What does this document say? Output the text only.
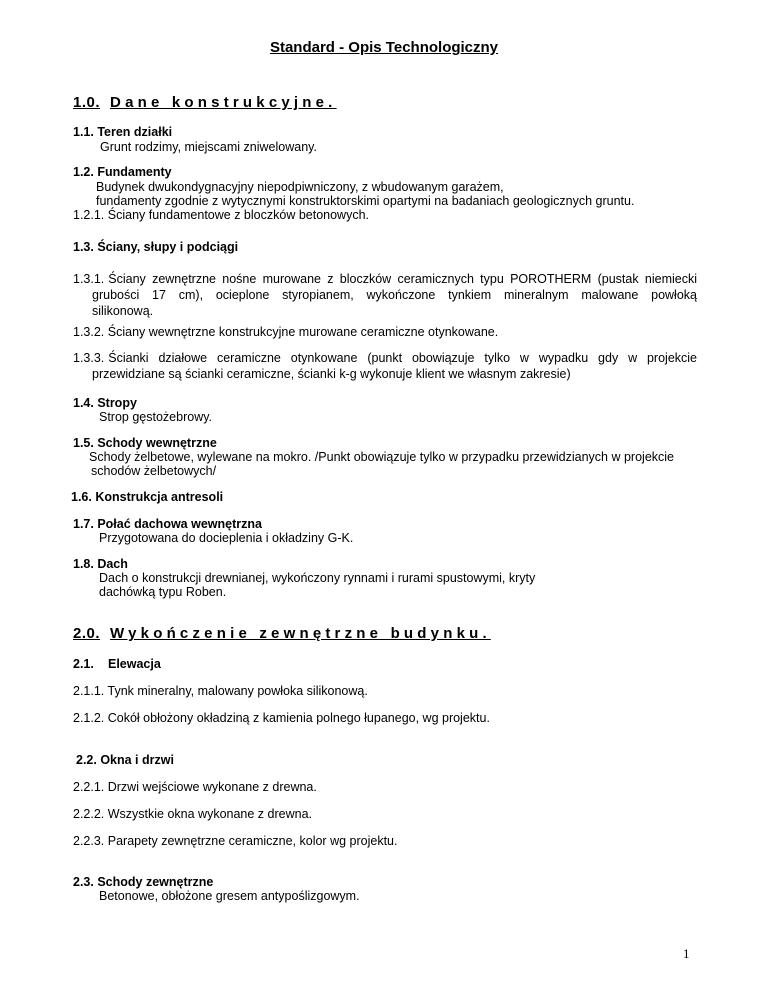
Standard - Opis Technologiczny
1.0. Dane konstrukcyjne.
1.1. Teren działki
Grunt rodzimy, miejscami zniwelowany.
1.2. Fundamenty
Budynek dwukondygnacyjny niepodpiwniczony, z wbudowanym garażem,
fundamenty zgodnie z wytycznymi konstruktorskimi opartymi na badaniach geologicznych gruntu.
1.2.1. Ściany fundamentowe z bloczków betonowych.
1.3. Ściany, słupy i podciągi
1.3.1. Ściany zewnętrzne nośne murowane z bloczków ceramicznych typu POROTHERM (pustak niemiecki
grubości 17 cm), ocieplone styropianem, wykończone tynkiem mineralnym malowane powłoką
silikonową.
1.3.2. Ściany wewnętrzne konstrukcyjne murowane ceramiczne otynkowane.
1.3.3. Ścianki działowe ceramiczne otynkowane (punkt obowiązuje tylko w wypadku gdy w projekcie
przewidziane są ścianki ceramiczne, ścianki k-g wykonuje klient we własnym zakresie)
1.4. Stropy
Strop gęstożebrowy.
1.5. Schody wewnętrzne
Schody żelbetowe, wylewane na mokro. /Punkt obowiązuje tylko w przypadku przewidzianych w projekcie
schodów żelbetowych/
1.6. Konstrukcja antresoli
1.7. Połać dachowa wewnętrzna
Przygotowana do docieplenia i okładziny G-K.
1.8. Dach
Dach o konstrukcji drewnianej, wykończony rynnami i rurami spustowymi, kryty
dachówką typu Roben.
2.0. Wykończenie zewnętrzne budynku.
2.1. Elewacja
2.1.1. Tynk mineralny, malowany powłoka silikonową.
2.1.2. Cokół obłożony okładziną z kamienia polnego łupanego, wg projektu.
2.2. Okna i drzwi
2.2.1. Drzwi wejściowe wykonane z drewna.
2.2.2. Wszystkie okna wykonane z drewna.
2.2.3. Parapety zewnętrzne ceramiczne, kolor wg projektu.
2.3. Schody zewnętrzne
Betonowe, obłożone gresem antypoślizgowym.
1
